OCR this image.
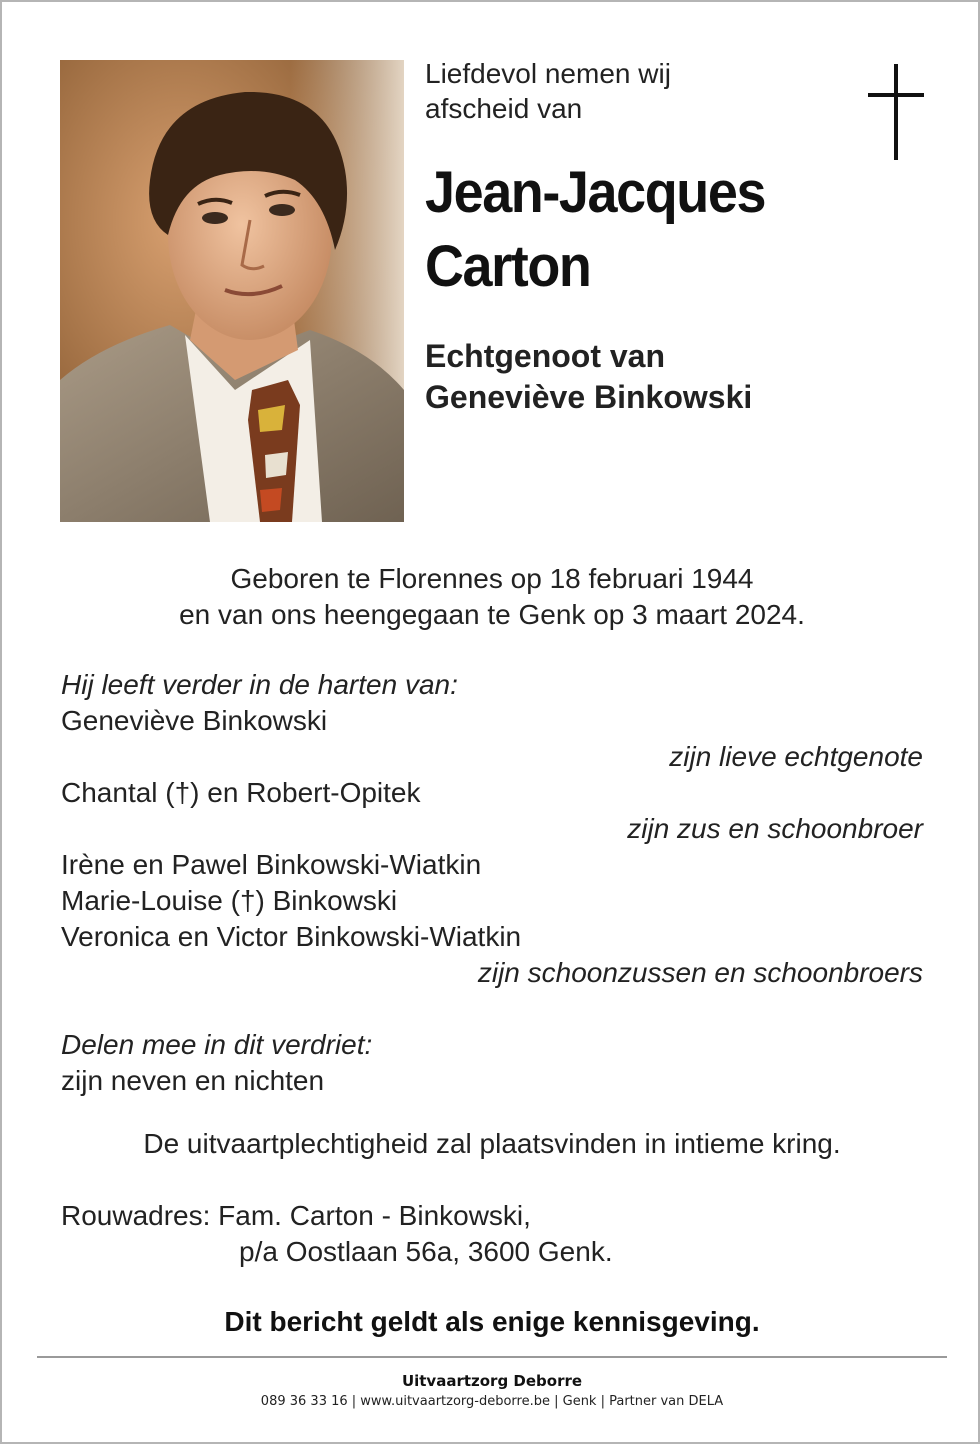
Liefdevol nemen wij
afscheid van
Jean-Jacques
Carton
Echtgenoot van
Geneviève Binkowski
Geboren te Florennes op 18 februari 1944
en van ons heengegaan te Genk op 3 maart 2024.
Hij leeft verder in de harten van:
Geneviève Binkowski
zijn lieve echtgenote
Chantal (†) en Robert-Opitek
zijn zus en schoonbroer
Irène en Pawel Binkowski-Wiatkin
Marie-Louise (†) Binkowski
Veronica en Victor Binkowski-Wiatkin
zijn schoonzussen en schoonbroers
Delen mee in dit verdriet:
zijn neven en nichten
De uitvaartplechtigheid zal plaatsvinden in intieme kring.
Rouwadres: Fam. Carton - Binkowski,
p/a Oostlaan 56a, 3600 Genk.
Dit bericht geldt als enige kennisgeving.
Uitvaartzorg Deborre
089 36 33 16 | www.uitvaartzorg-deborre.be | Genk | Partner van DELA
